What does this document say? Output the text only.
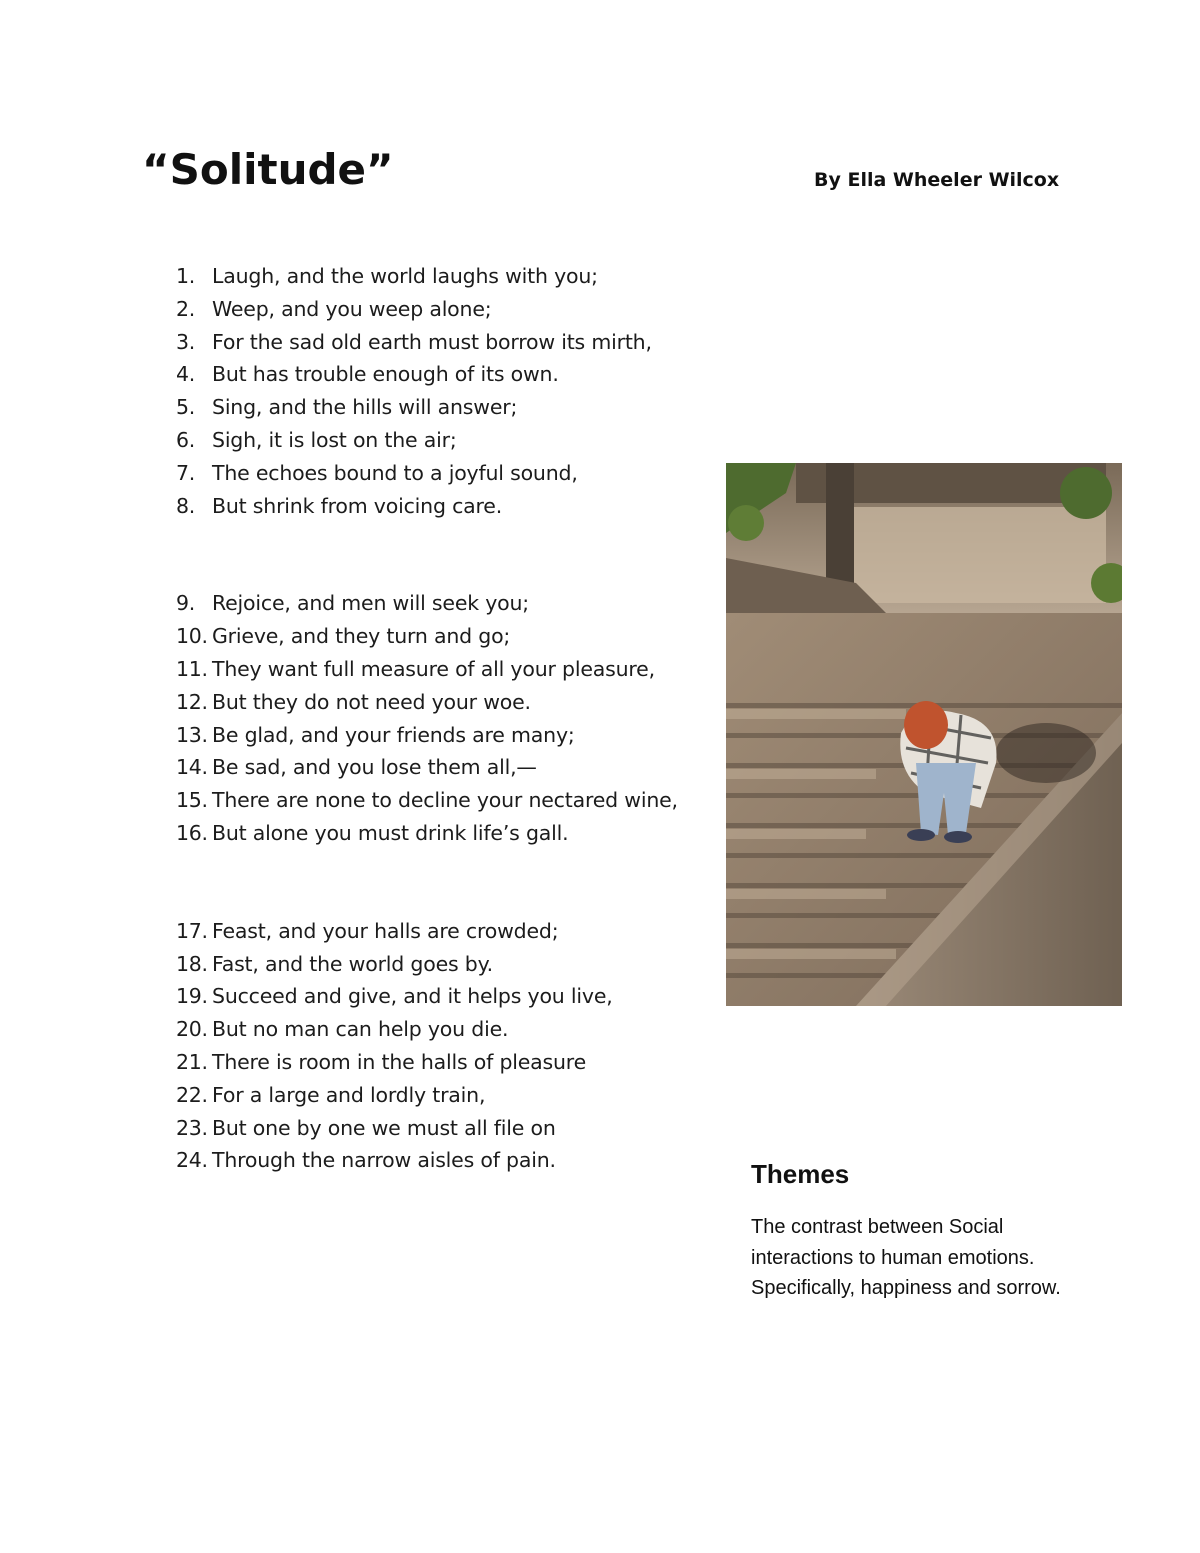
“Solitude”	By Ella Wheeler Wilcox
1. Laugh, and the world laughs with you;
2. Weep, and you weep alone;
3. For the sad old earth must borrow its mirth,
4. But has trouble enough of its own.
5. Sing, and the hills will answer;
6. Sigh, it is lost on the air;
7. The echoes bound to a joyful sound,
8. But shrink from voicing care.
9. Rejoice, and men will seek you;
10. Grieve, and they turn and go;
11. They want full measure of all your pleasure,
12. But they do not need your woe.
13. Be glad, and your friends are many;
14. Be sad, and you lose them all,—
15. There are none to decline your nectared wine,
16. But alone you must drink life’s gall.
17. Feast, and your halls are crowded;
18. Fast, and the world goes by.
19. Succeed and give, and it helps you live,
20. But no man can help you die.
21. There is room in the halls of pleasure
22. For a large and lordly train,
23. But one by one we must all file on
24. Through the narrow aisles of pain.	Themes

The contrast between Social interactions to human emotions. Specifically, happiness and sorrow.
